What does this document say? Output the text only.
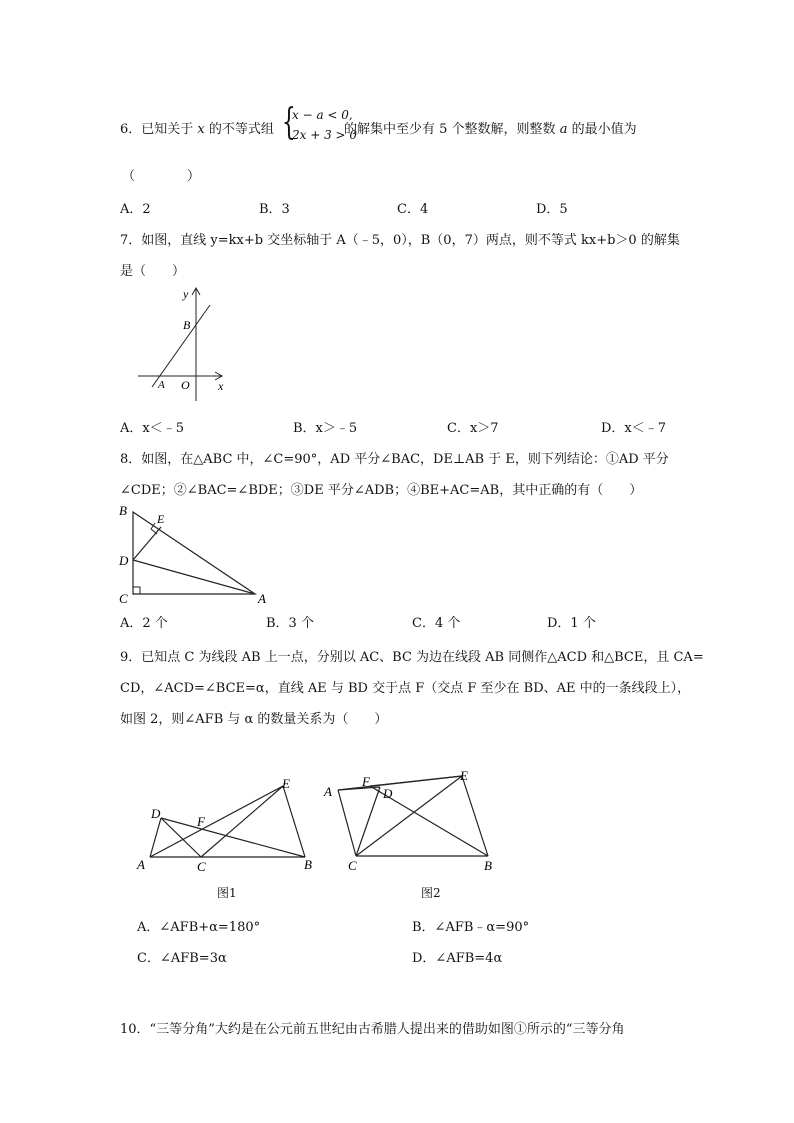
6．已知关于 x 的不等式组 {
x − a < 0,
2x + 3 > 0
的解集中至少有 5 个整数解，则整数 a 的最小值为
（　　　　）
A．2	B．3	C．4	D．5
7．如图，直线 y=kx+b 交坐标轴于 A（﹣5，0），B（0，7）两点，则不等式 kx+b＞0 的解集
是（　　）
y
x
B
A O
A．x＜﹣5	B．x＞﹣5	C．x＞7	D．x＜﹣7
8．如图，在△ABC 中，∠C=90°，AD 平分∠BAC，DE⊥AB 于 E，则下列结论：①AD 平分
∠CDE；②∠BAC=∠BDE；③DE 平分∠ADB；④BE+AC=AB，其中正确的有（　　）
B
E
D
C	A
A．2 个	B．3 个	C．4 个	D．1 个
9．已知点 C 为线段 AB 上一点，分别以 AC、BC 为边在线段 AB 同侧作△ACD 和△BCE，且 CA=
CD，∠ACD=∠BCE=α，直线 AE 与 BD 交于点 F（交点 F 至少在 BD、AE 中的一条线段上），
如图 2，则∠AFB 与 α 的数量关系为（　　）
D
F
E
A	C	B
图1
A
F
D
E
C	B
图2
A．∠AFB+α=180°	B．∠AFB﹣α=90°
C．∠AFB=3α	D．∠AFB=4α
10．“三等分角”大约是在公元前五世纪由古希腊人提出来的借助如图①所示的“三等分角
